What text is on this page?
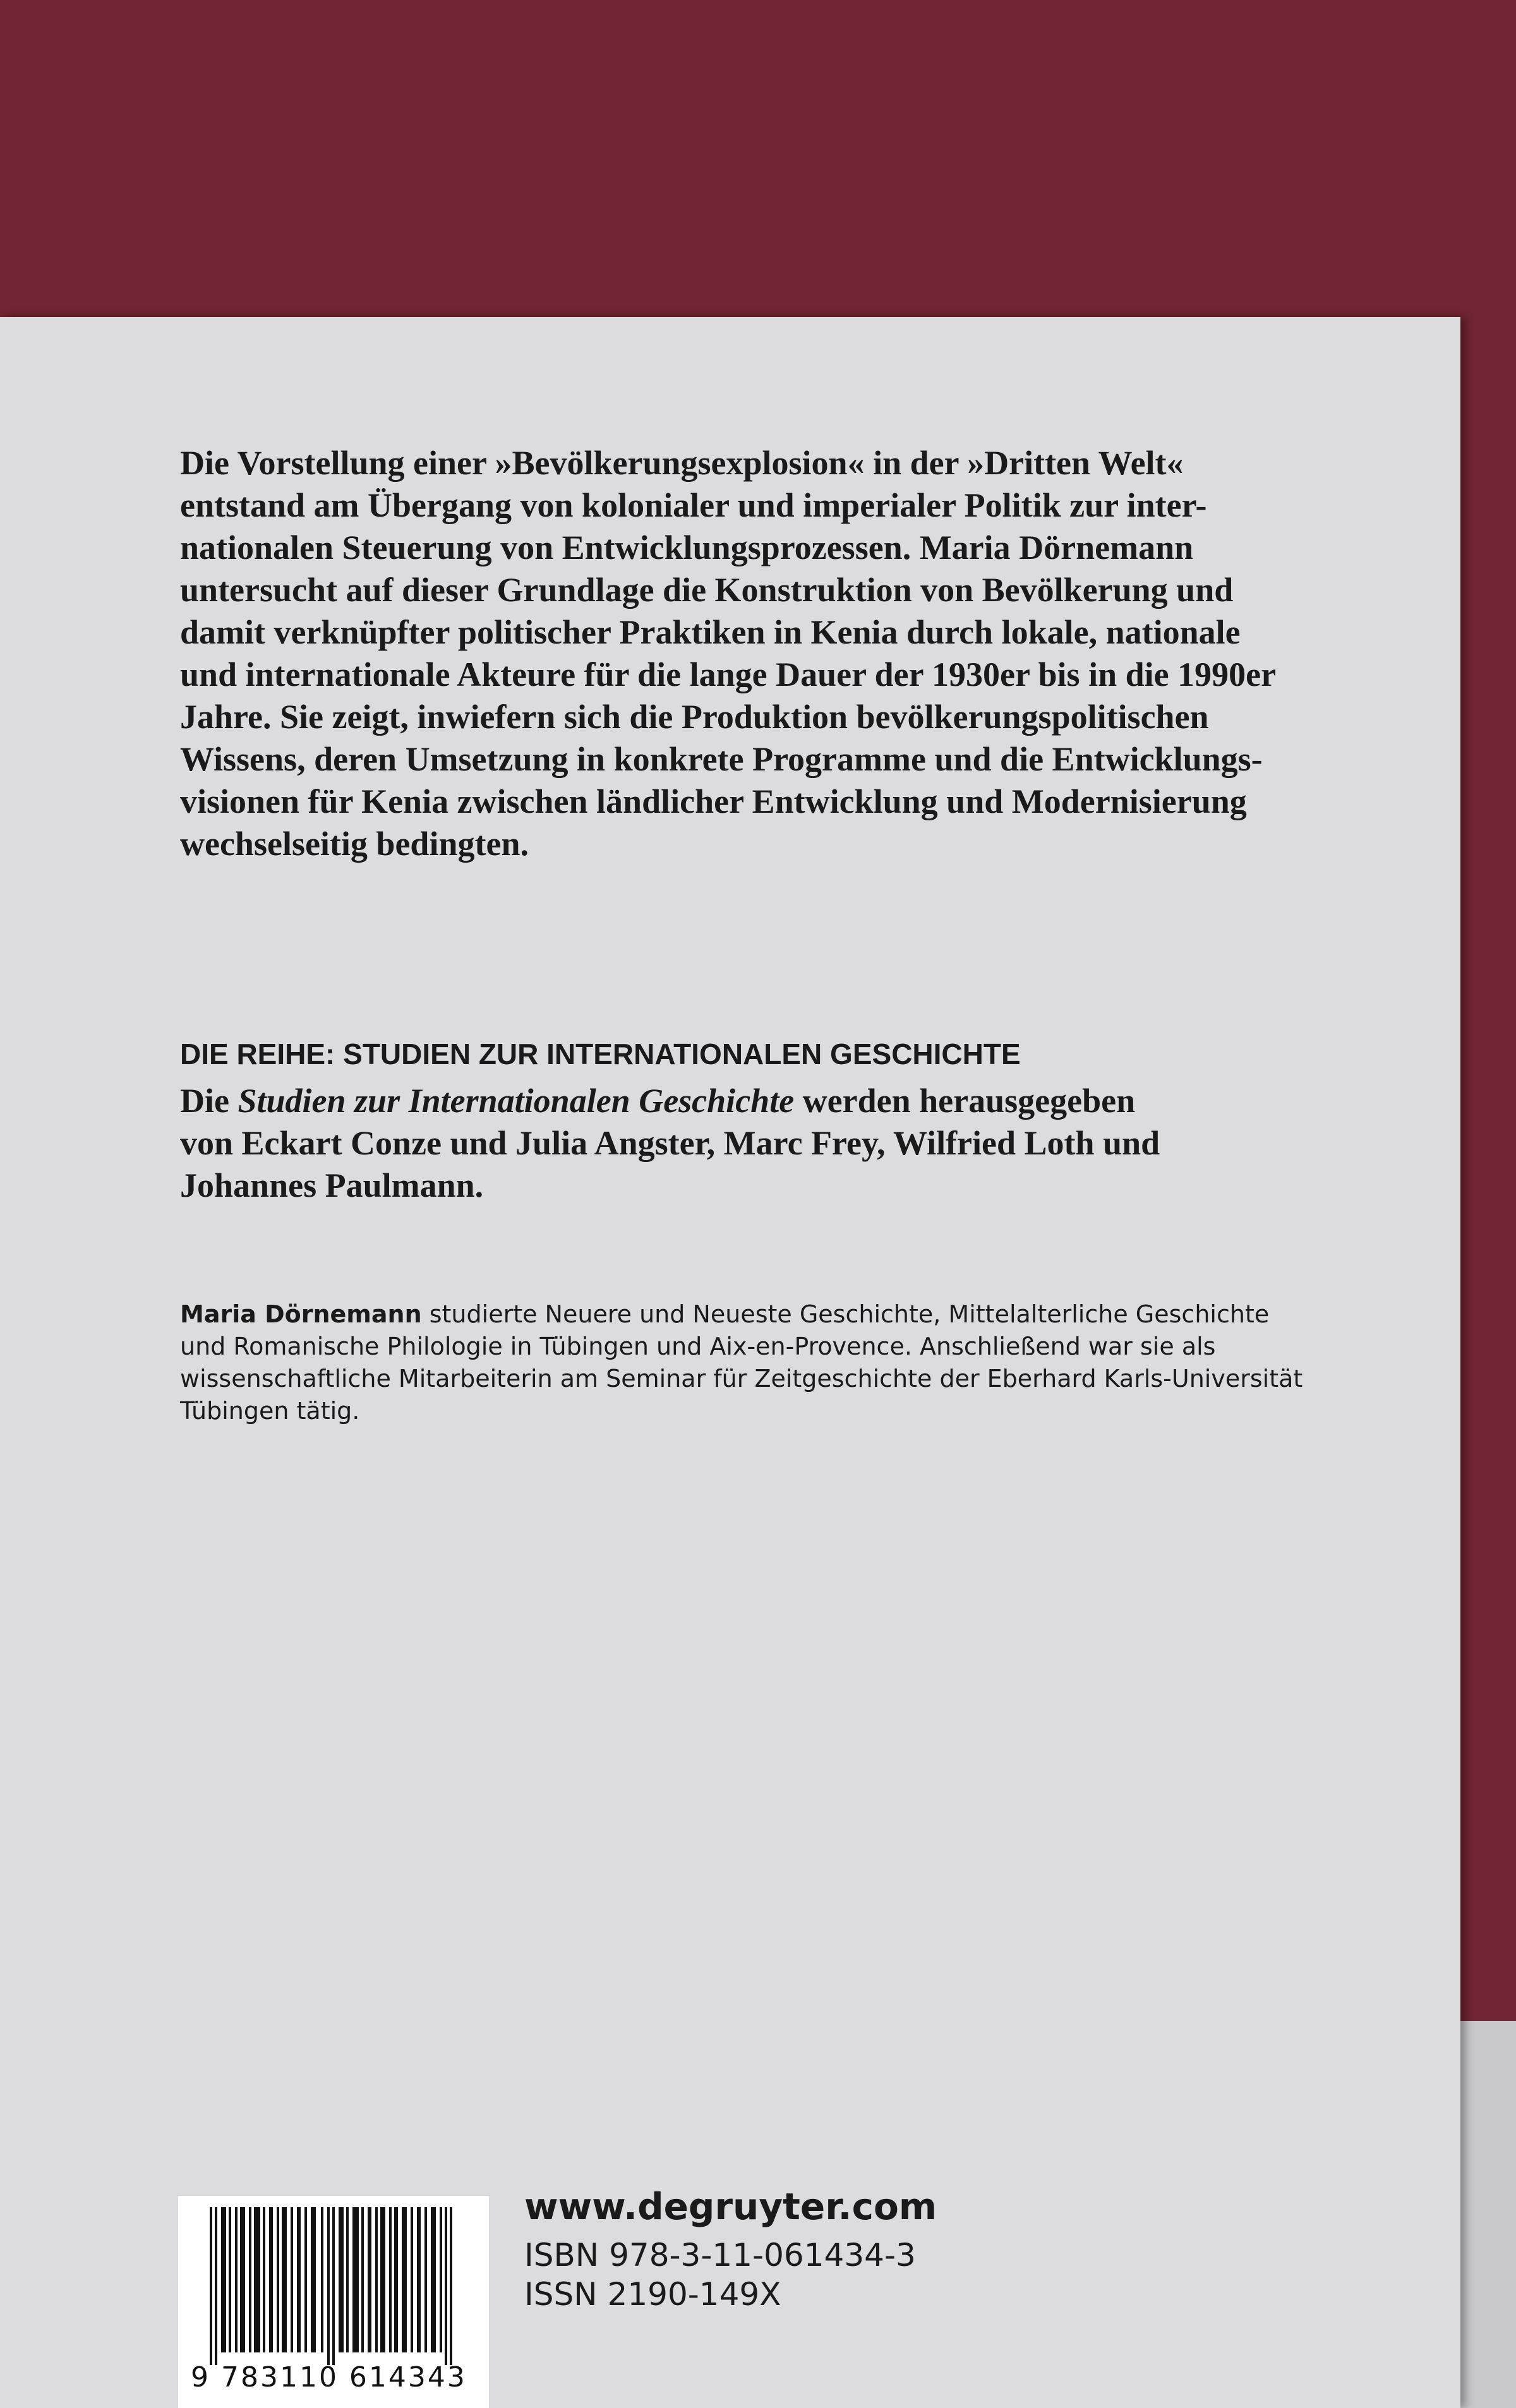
Die Vorstellung einer »Bevölkerungsexplosion« in der »Dritten Welt«
entstand am Übergang von kolonialer und imperialer Politik zur inter-
nationalen Steuerung von Entwicklungsprozessen. Maria Dörnemann
untersucht auf dieser Grundlage die Konstruktion von Bevölkerung und
damit verknüpfter politischer Praktiken in Kenia durch lokale, nationale
und internationale Akteure für die lange Dauer der 1930er bis in die 1990er
Jahre. Sie zeigt, inwiefern sich die Produktion bevölkerungspolitischen
Wissens, deren Umsetzung in konkrete Programme und die Entwicklungs-
visionen für Kenia zwischen ländlicher Entwicklung und Modernisierung
wechselseitig bedingten.
DIE REIHE: STUDIEN ZUR INTERNATIONALEN GESCHICHTE
Die Studien zur Internationalen Geschichte werden herausgegeben
von Eckart Conze und Julia Angster, Marc Frey, Wilfried Loth und
Johannes Paulmann.
Maria Dörnemann studierte Neuere und Neueste Geschichte, Mittelalterliche Geschichte
und Romanische Philologie in Tübingen und Aix-en-Provence. Anschließend war sie als
wissenschaftliche Mitarbeiterin am Seminar für Zeitgeschichte der Eberhard Karls-Universität
Tübingen tätig.
9 783110 614343
www.degruyter.com
ISBN 978-3-11-061434-3
ISSN 2190-149X
